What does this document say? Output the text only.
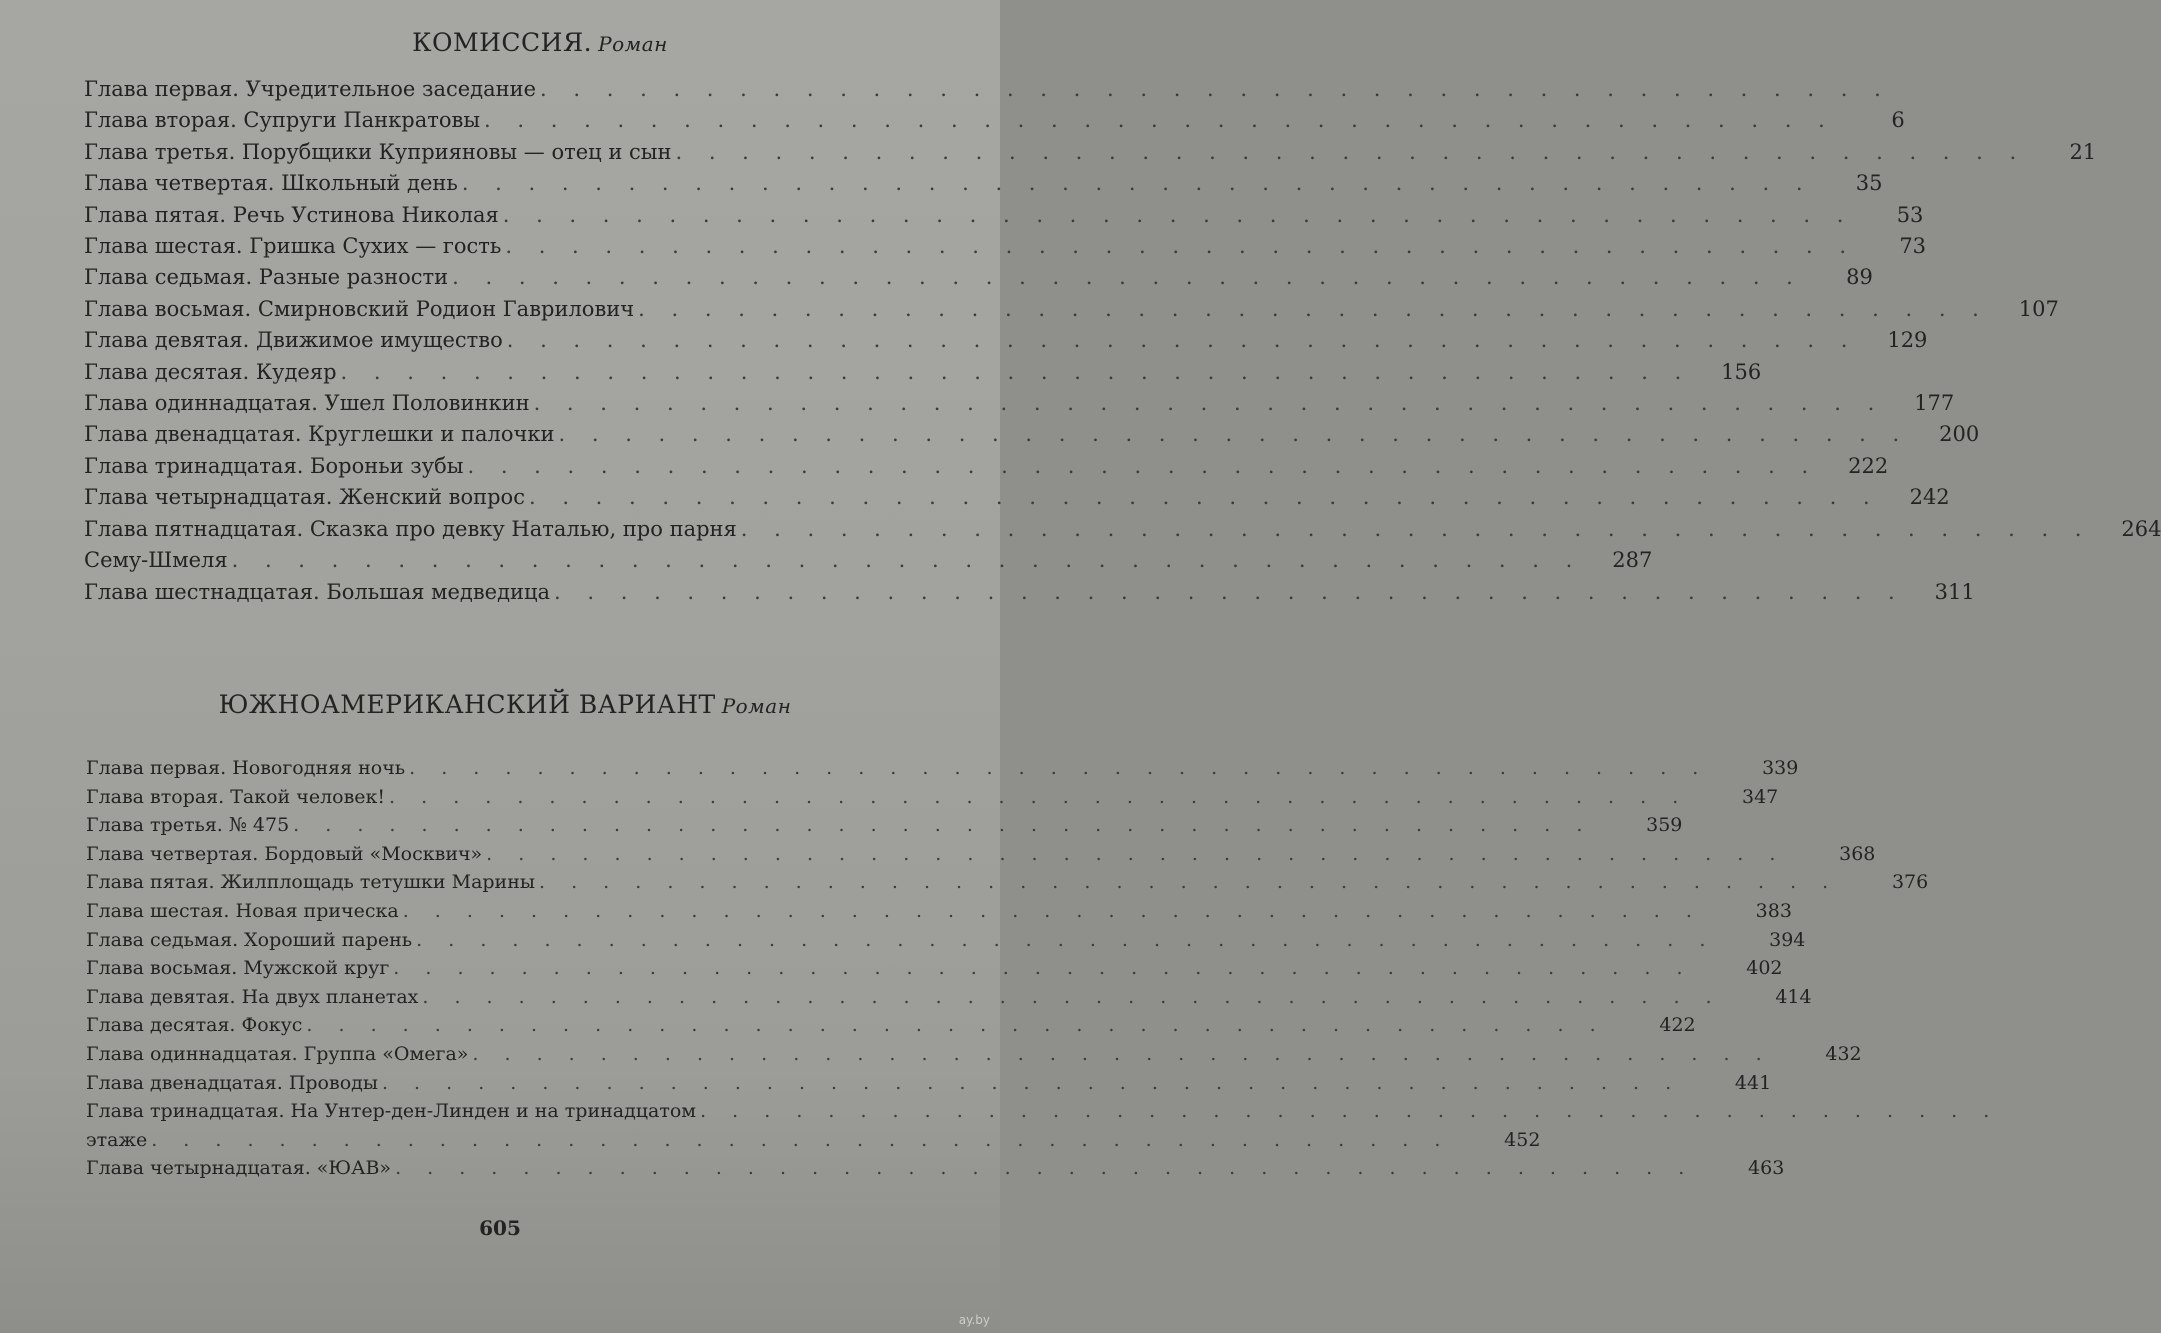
КОМИССИЯ. Роман
Глава первая. Учредительное заседание . . . . . . . . . . . . . . . . . . . . . . . . . . . . . . . . . . . . . . . . .
Глава вторая. Супруги Панкратовы . . . . . . . . . . . . . . . . . . . . . . . . . . . . . . . . . . . . . . . . .	6
Глава третья. Порубщики Куприяновы — отец и сын . . . . . . . . . . . . . . . . . . . . . . . . . . . . . . . . . . . . . . . . .	21
Глава четвертая. Школьный день . . . . . . . . . . . . . . . . . . . . . . . . . . . . . . . . . . . . . . . . .	35
Глава пятая. Речь Устинова Николая . . . . . . . . . . . . . . . . . . . . . . . . . . . . . . . . . . . . . . . . .	53
Глава шестая. Гришка Сухих — гость . . . . . . . . . . . . . . . . . . . . . . . . . . . . . . . . . . . . . . . . .	73
Глава седьмая. Разные разности . . . . . . . . . . . . . . . . . . . . . . . . . . . . . . . . . . . . . . . . .	89
Глава восьмая. Смирновский Родион Гаврилович . . . . . . . . . . . . . . . . . . . . . . . . . . . . . . . . . . . . . . . . .	107
Глава девятая. Движимое имущество . . . . . . . . . . . . . . . . . . . . . . . . . . . . . . . . . . . . . . . . .	129
Глава десятая. Кудеяр . . . . . . . . . . . . . . . . . . . . . . . . . . . . . . . . . . . . . . . . .	156
Глава одиннадцатая. Ушел Половинкин . . . . . . . . . . . . . . . . . . . . . . . . . . . . . . . . . . . . . . . . .	177
Глава двенадцатая. Круглешки и палочки . . . . . . . . . . . . . . . . . . . . . . . . . . . . . . . . . . . . . . . . .	200
Глава тринадцатая. Бороньи зубы . . . . . . . . . . . . . . . . . . . . . . . . . . . . . . . . . . . . . . . . .	222
Глава четырнадцатая. Женский вопрос . . . . . . . . . . . . . . . . . . . . . . . . . . . . . . . . . . . . . . . . .	242
Глава пятнадцатая. Сказка про девку Наталью, про парня . . . . . . . . . . . . . . . . . . . . . . . . . . . . . . . . . . . . . . . . .	264
Сему-Шмеля . . . . . . . . . . . . . . . . . . . . . . . . . . . . . . . . . . . . . . . . .	287
Глава шестнадцатая. Большая медведица . . . . . . . . . . . . . . . . . . . . . . . . . . . . . . . . . . . . . . . . .	311
ЮЖНОАМЕРИКАНСКИЙ ВАРИАНТ Роман
Глава первая. Новогодняя ночь . . . . . . . . . . . . . . . . . . . . . . . . . . . . . . . . . . . . . . . . .	339
Глава вторая. Такой человек! . . . . . . . . . . . . . . . . . . . . . . . . . . . . . . . . . . . . . . . . .	347
Глава третья. № 475 . . . . . . . . . . . . . . . . . . . . . . . . . . . . . . . . . . . . . . . . .	359
Глава четвертая. Бордовый «Москвич» . . . . . . . . . . . . . . . . . . . . . . . . . . . . . . . . . . . . . . . . .	368
Глава пятая. Жилплощадь тетушки Марины . . . . . . . . . . . . . . . . . . . . . . . . . . . . . . . . . . . . . . . . .	376
Глава шестая. Новая прическа . . . . . . . . . . . . . . . . . . . . . . . . . . . . . . . . . . . . . . . . .	383
Глава седьмая. Хороший парень . . . . . . . . . . . . . . . . . . . . . . . . . . . . . . . . . . . . . . . . .	394
Глава восьмая. Мужской круг . . . . . . . . . . . . . . . . . . . . . . . . . . . . . . . . . . . . . . . . .	402
Глава девятая. На двух планетах . . . . . . . . . . . . . . . . . . . . . . . . . . . . . . . . . . . . . . . . .	414
Глава десятая. Фокус . . . . . . . . . . . . . . . . . . . . . . . . . . . . . . . . . . . . . . . . .	422
Глава одиннадцатая. Группа «Омега» . . . . . . . . . . . . . . . . . . . . . . . . . . . . . . . . . . . . . . . . .	432
Глава двенадцатая. Проводы . . . . . . . . . . . . . . . . . . . . . . . . . . . . . . . . . . . . . . . . .	441
Глава тринадцатая. На Унтер-ден-Линден и на тринадцатом . . . . . . . . . . . . . . . . . . . . . . . . . . . . . . . . . . . . . . . . .
этаже . . . . . . . . . . . . . . . . . . . . . . . . . . . . . . . . . . . . . . . . .	452
Глава четырнадцатая. «ЮАВ» . . . . . . . . . . . . . . . . . . . . . . . . . . . . . . . . . . . . . . . . .	463
605
ay.by
